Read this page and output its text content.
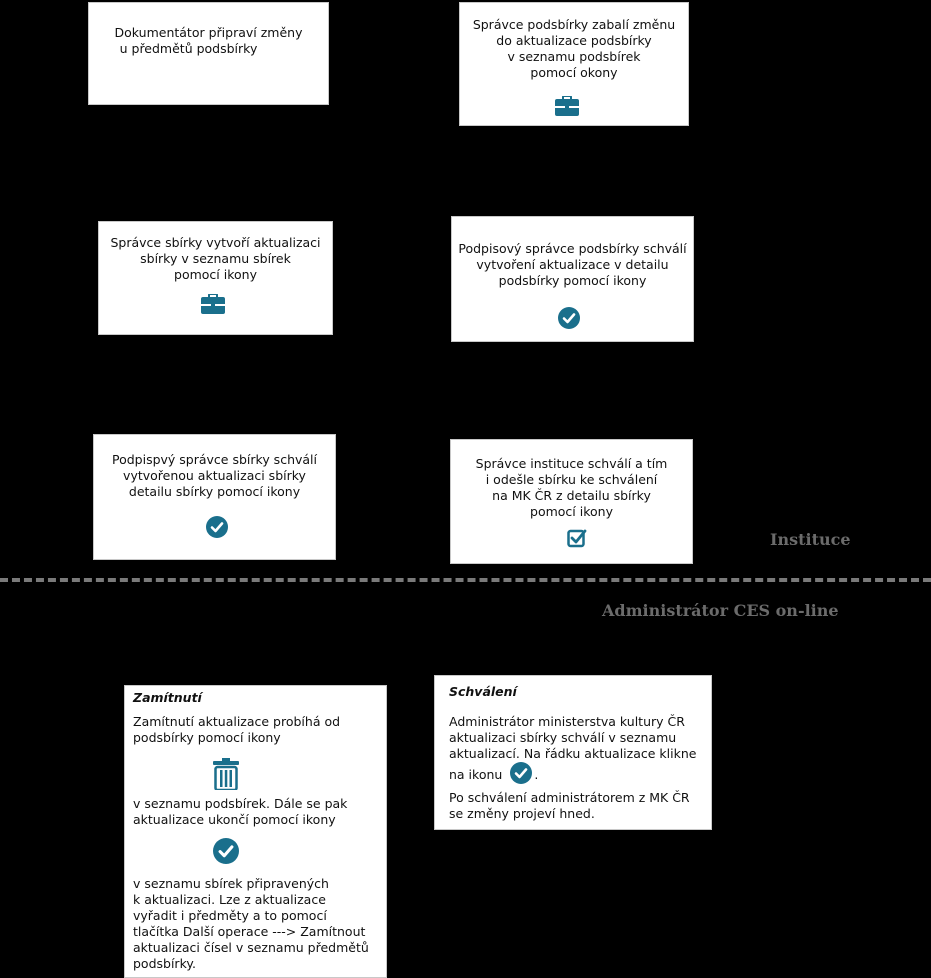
Dokumentátor připraví změny
u předmětů podsbírky
Správce podsbírky zabalí změnu
do aktualizace podsbírky
v seznamu podsbírek
pomocí okony
Správce sbírky vytvoří aktualizaci
sbírky v seznamu sbírek
pomocí ikony
Podpisový správce podsbírky schválí
vytvoření aktualizace v detailu
podsbírky pomocí ikony
Podpispvý správce sbírky schválí
vytvořenou aktualizaci sbírky
detailu sbírky pomocí ikony
Správce instituce schválí a tím
i odešle sbírku ke schválení
na MK ČR z detailu sbírky
pomocí ikony
Instituce
Administrátor CES on-line
Zamítnutí
Zamítnutí aktualizace probíhá od
podsbírky pomocí ikony
v seznamu podsbírek. Dále se pak
aktualizace ukončí pomocí ikony
v seznamu sbírek připravených
k aktualizaci. Lze z aktualizace
vyřadit i předměty a to pomocí
tlačítka Další operace ---> Zamítnout
aktualizaci čísel v seznamu předmětů
podsbírky.
Schválení
Administrátor ministerstva kultury ČR
aktualizaci sbírky schválí v seznamu
aktualizací. Na řádku aktualizace klikne
na ikonu	.
Po schválení administrátorem z MK ČR
se změny projeví hned.
